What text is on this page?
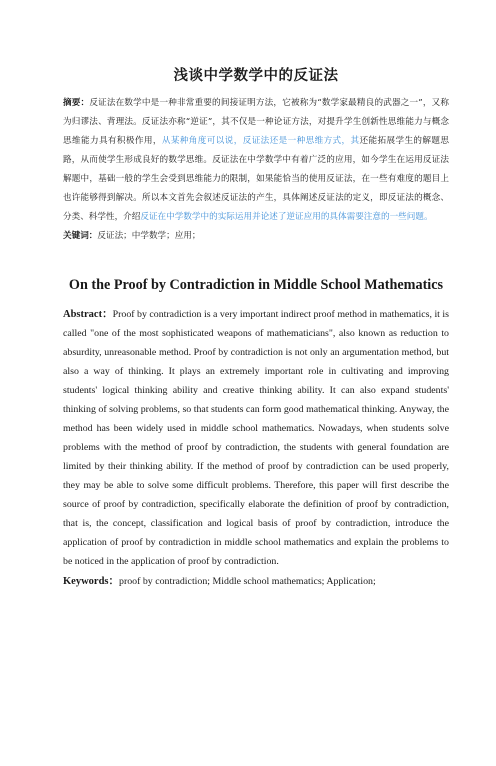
浅谈中学数学中的反证法
摘要：反证法在数学中是一种非常重要的间接证明方法，它被称为“数学家最精良的武器之一”，又称为归谬法、背理法。反证法亦称“逆证”，其不仅是一种论证方法，对提升学生创新性思维能力与概念思维能力具有积极作用，从某种角度可以说，反证法还是一种思维方式，其还能拓展学生的解题思路，从而使学生形成良好的数学思维。反证法在中学数学中有着广泛的应用，如今学生在运用反证法解题中，基础一般的学生会受到思维能力的限制，如果能恰当的使用反证法，在一些有难度的题目上也许能够得到解决。所以本文首先会叙述反证法的产生，具体阐述反证法的定义，即反证法的概念、分类、科学性，介绍反证在中学数学中的实际运用并论述了逆证应用的具体需要注意的一些问题。
关键词：反证法；中学数学；应用；
On the Proof by Contradiction in Middle School Mathematics
Abstract：Proof by contradiction is a very important indirect proof method in mathematics, it is called "one of the most sophisticated weapons of mathematicians", also known as reduction to absurdity, unreasonable method. Proof by contradiction is not only an argumentation method, but also a way of thinking. It plays an extremely important role in cultivating and improving students' logical thinking ability and creative thinking ability. It can also expand students' thinking of solving problems, so that students can form good mathematical thinking. Anyway, the method has been widely used in middle school mathematics. Nowadays, when students solve problems with the method of proof by contradiction, the students with general foundation are limited by their thinking ability. If the method of proof by contradiction can be used properly, they may be able to solve some difficult problems. Therefore, this paper will first describe the source of proof by contradiction, specifically elaborate the definition of proof by contradiction, that is, the concept, classification and logical basis of proof by contradiction, introduce the application of proof by contradiction in middle school mathematics and explain the problems to be noticed in the application of proof by contradiction.
Keywords：proof by contradiction; Middle school mathematics; Application;
